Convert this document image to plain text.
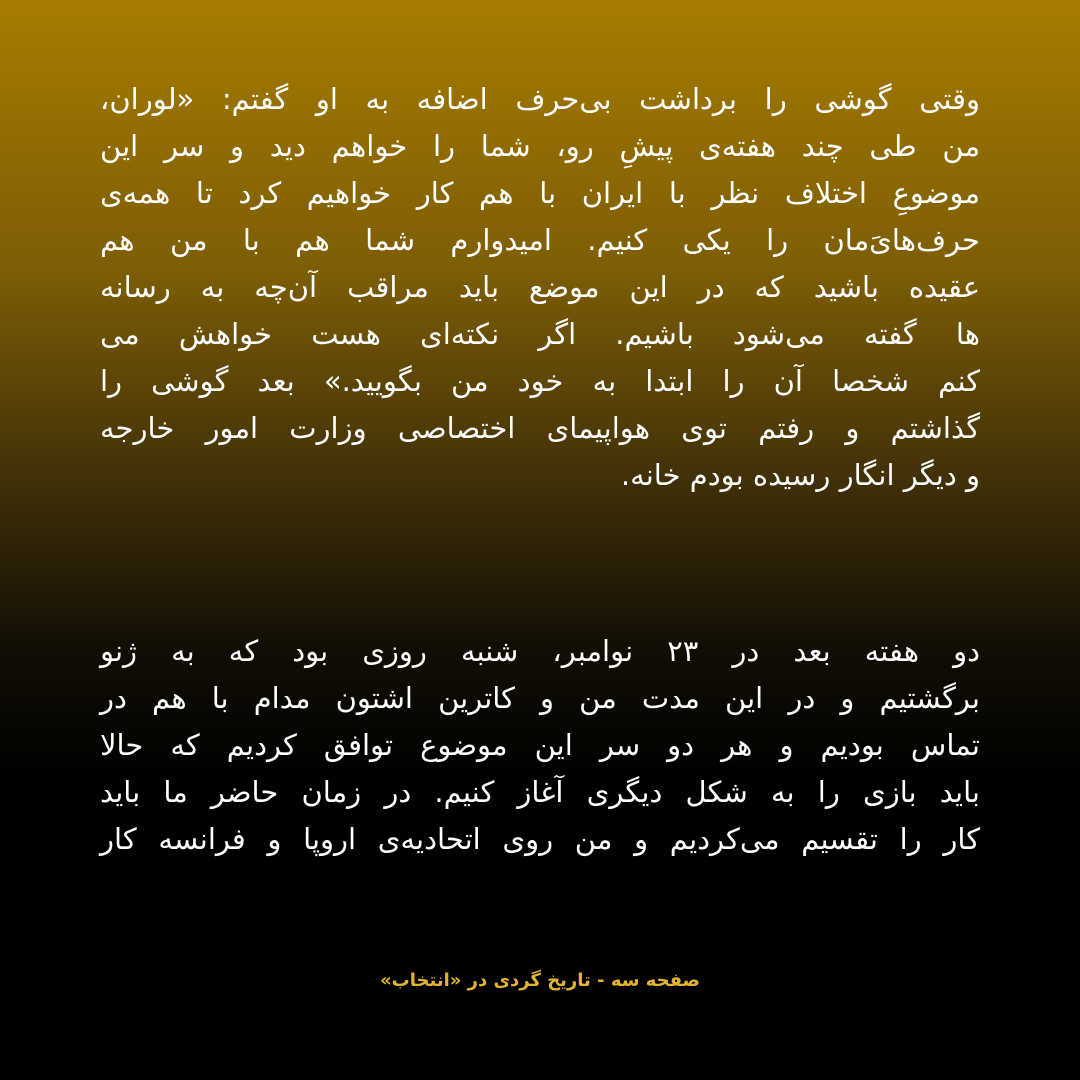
وقتی گوشی را برداشت بی‌حرف اضافه به او گفتم: «لوران،
من طی چند هفته‌ی پیشِ رو، شما را خواهم دید و سر این
موضوعِ اختلاف نظر با ایران با هم کار خواهیم کرد تا همه‌ی
حرف‌هایَ‌مان را یکی کنیم. امیدوارم شما هم با من هم
عقیده باشید که در این موضع باید مراقب آن‌چه به رسانه
ها گفته می‌شود باشیم. اگر نکته‌ای هست خواهش می
کنم شخصا آن را ابتدا به خود من بگویید.» بعد گوشی را
گذاشتم و رفتم توی هواپیمای اختصاصی وزارت امور خارجه
و دیگر انگار رسیده بودم خانه.
دو هفته بعد در ۲۳ نوامبر، شنبه روزی بود که به ژنو
برگشتیم و در این مدت من و کاترین اشتون مدام با هم در
تماس بودیم و هر دو سر این موضوع توافق کردیم که حالا
باید بازی را به شکل دیگری آغاز کنیم. در زمان حاضر ما باید
کار را تقسیم می‌کردیم و من روی اتحادیه‌ی اروپا و فرانسه کار
صفحه سه - تاریخ گردی در «انتخاب»
